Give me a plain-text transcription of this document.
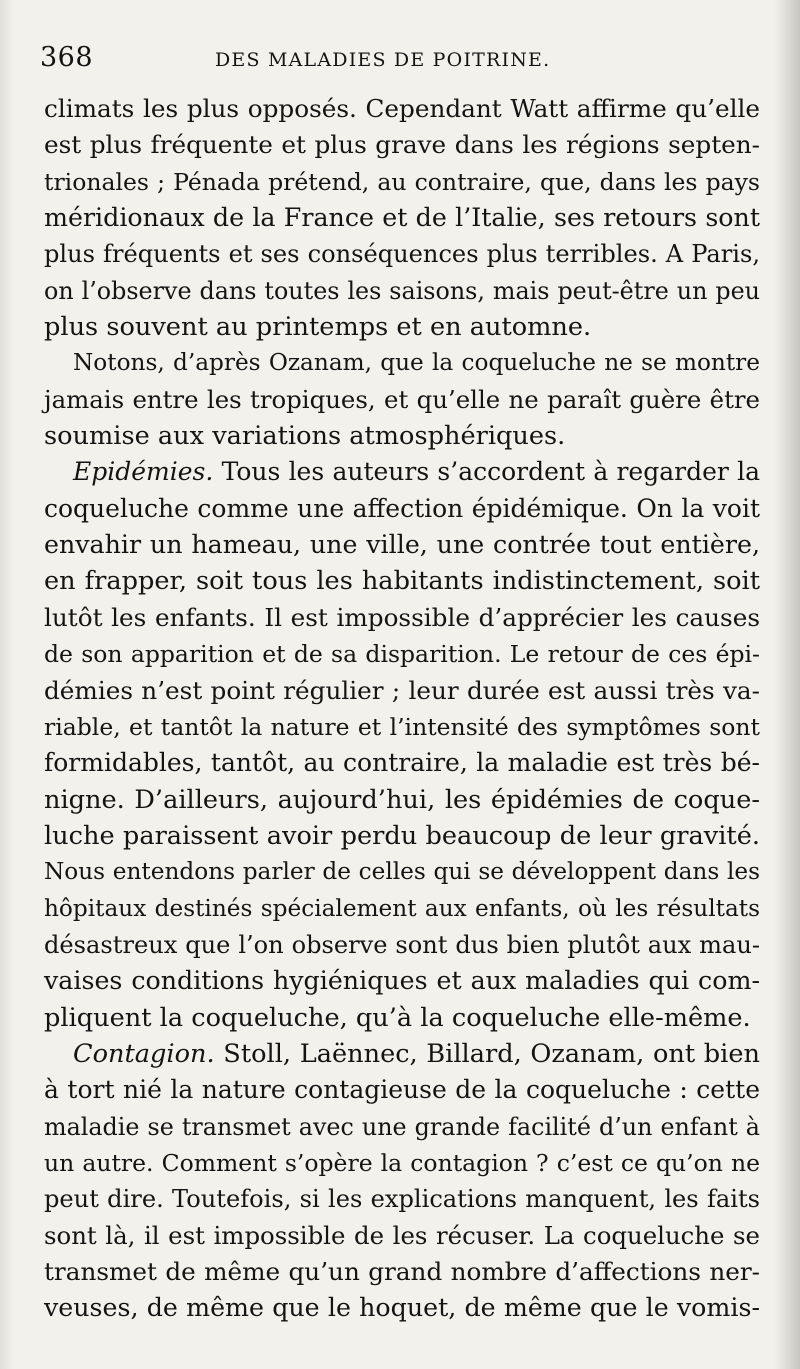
368	DES MALADIES DE POITRINE.
climats les plus opposés. Cependant Watt affirme qu’elle
est plus fréquente et plus grave dans les régions septen-
trionales ; Pénada prétend, au contraire, que, dans les pays
méridionaux de la France et de l’Italie, ses retours sont
plus fréquents et ses conséquences plus terribles. A Paris,
on l’observe dans toutes les saisons, mais peut-être un peu
plus souvent au printemps et en automne.
Notons, d’après Ozanam, que la coqueluche ne se montre
jamais entre les tropiques, et qu’elle ne paraît guère être
soumise aux variations atmosphériques.
Epidémies. Tous les auteurs s’accordent à regarder la
coqueluche comme une affection épidémique. On la voit
envahir un hameau, une ville, une contrée tout entière,
en frapper, soit tous les habitants indistinctement, soit
lutôt les enfants. Il est impossible d’apprécier les causes
de son apparition et de sa disparition. Le retour de ces épi-
démies n’est point régulier ; leur durée est aussi très va-
riable, et tantôt la nature et l’intensité des symptômes sont
formidables, tantôt, au contraire, la maladie est très bé-
nigne. D’ailleurs, aujourd’hui, les épidémies de coque-
luche paraissent avoir perdu beaucoup de leur gravité.
Nous entendons parler de celles qui se développent dans les
hôpitaux destinés spécialement aux enfants, où les résultats
désastreux que l’on observe sont dus bien plutôt aux mau-
vaises conditions hygiéniques et aux maladies qui com-
pliquent la coqueluche, qu’à la coqueluche elle-même.
Contagion. Stoll, Laënnec, Billard, Ozanam, ont bien
à tort nié la nature contagieuse de la coqueluche : cette
maladie se transmet avec une grande facilité d’un enfant à
un autre. Comment s’opère la contagion ? c’est ce qu’on ne
peut dire. Toutefois, si les explications manquent, les faits
sont là, il est impossible de les récuser. La coqueluche se
transmet de même qu’un grand nombre d’affections ner-
veuses, de même que le hoquet, de même que le vomis-
